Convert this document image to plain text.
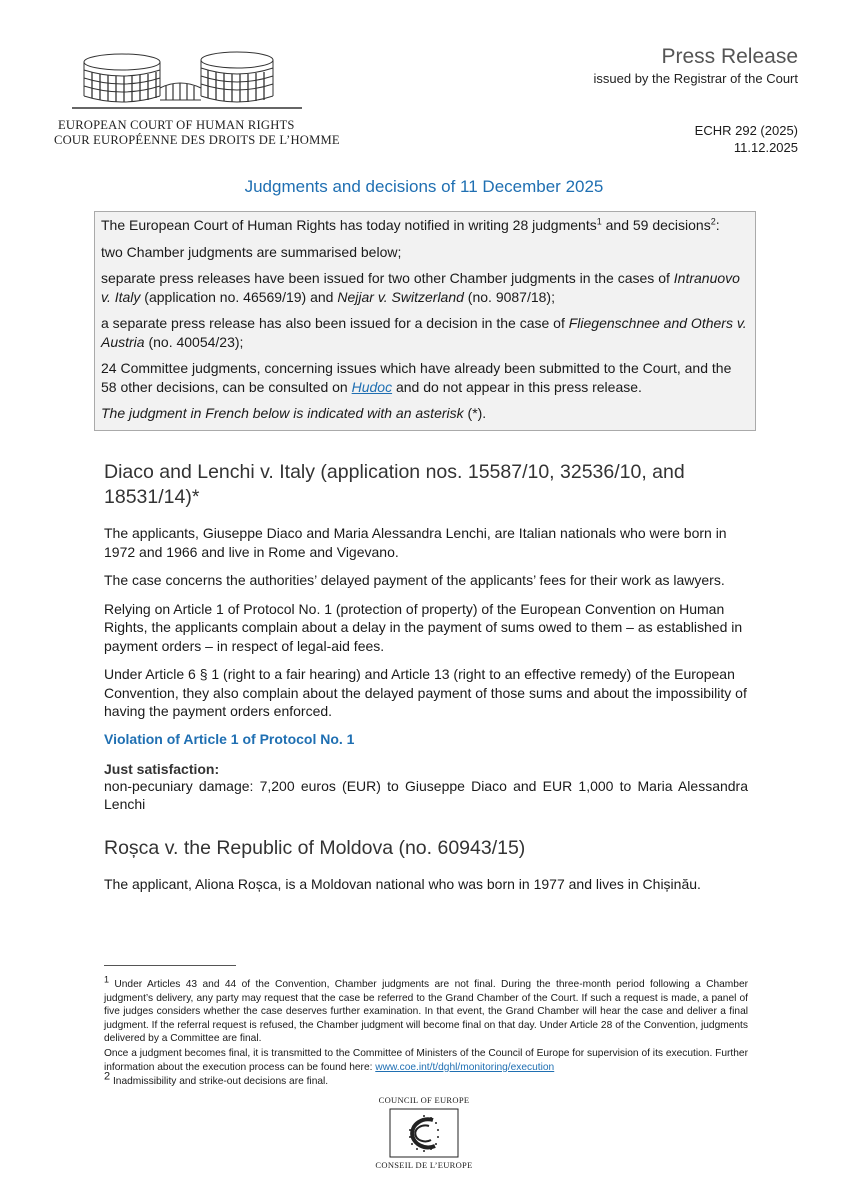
EUROPEAN COURT OF HUMAN RIGHTS
COUR EUROPÉENNE DES DROITS DE L’HOMME
Press Release
issued by the Registrar of the Court
ECHR 292 (2025)
11.12.2025
Judgments and decisions of 11 December 2025

The European Court of Human Rights has today notified in writing 28 judgments$^1$ and 59 decisions$^2$:

two Chamber judgments are summarised below;

separate press releases have been issued for two other Chamber judgments in the cases of Intranuovo v. Italy (application no. 46569/19) and Nejjar v. Switzerland (no. 9087/18);

a separate press release has also been issued for a decision in the case of Fliegenschnee and Others v. Austria (no. 40054/23);

24 Committee judgments, concerning issues which have already been submitted to the Court, and the 58 other decisions, can be consulted on Hudoc and do not appear in this press release.

The judgment in French below is indicated with an asterisk (*).

Diaco and Lenchi v. Italy (application nos. 15587/10, 32536/10, and 18531/14)*

The applicants, Giuseppe Diaco and Maria Alessandra Lenchi, are Italian nationals who were born in 1972 and 1966 and live in Rome and Vigevano.

The case concerns the authorities’ delayed payment of the applicants’ fees for their work as lawyers.

Relying on Article 1 of Protocol No. 1 (protection of property) of the European Convention on Human Rights, the applicants complain about a delay in the payment of sums owed to them – as established in payment orders – in respect of legal-aid fees.

Under Article 6 § 1 (right to a fair hearing) and Article 13 (right to an effective remedy) of the European Convention, they also complain about the delayed payment of those sums and about the impossibility of having the payment orders enforced.

Violation of Article 1 of Protocol No. 1

Just satisfaction:

non-pecuniary damage: 7,200 euros (EUR) to Giuseppe Diaco and EUR 1,000 to Maria Alessandra Lenchi

Roșca v. the Republic of Moldova (no. 60943/15)

The applicant, Aliona Roșca, is a Moldovan national who was born in 1977 and lives in Chișinău.

$^1$ Under Articles 43 and 44 of the Convention, Chamber judgments are not final. During the three-month period following a Chamber judgment’s delivery, any party may request that the case be referred to the Grand Chamber of the Court. If such a request is made, a panel of five judges considers whether the case deserves further examination. In that event, the Grand Chamber will hear the case and deliver a final judgment. If the referral request is refused, the Chamber judgment will become final on that day. Under Article 28 of the Convention, judgments delivered by a Committee are final.

Once a judgment becomes final, it is transmitted to the Committee of Ministers of the Council of Europe for supervision of its execution. Further information about the execution process can be found here: www.coe.int/t/dghl/monitoring/execution

$^2$ Inadmissibility and strike-out decisions are final.

COUNCIL OF EUROPE
CONSEIL DE L’EUROPE
